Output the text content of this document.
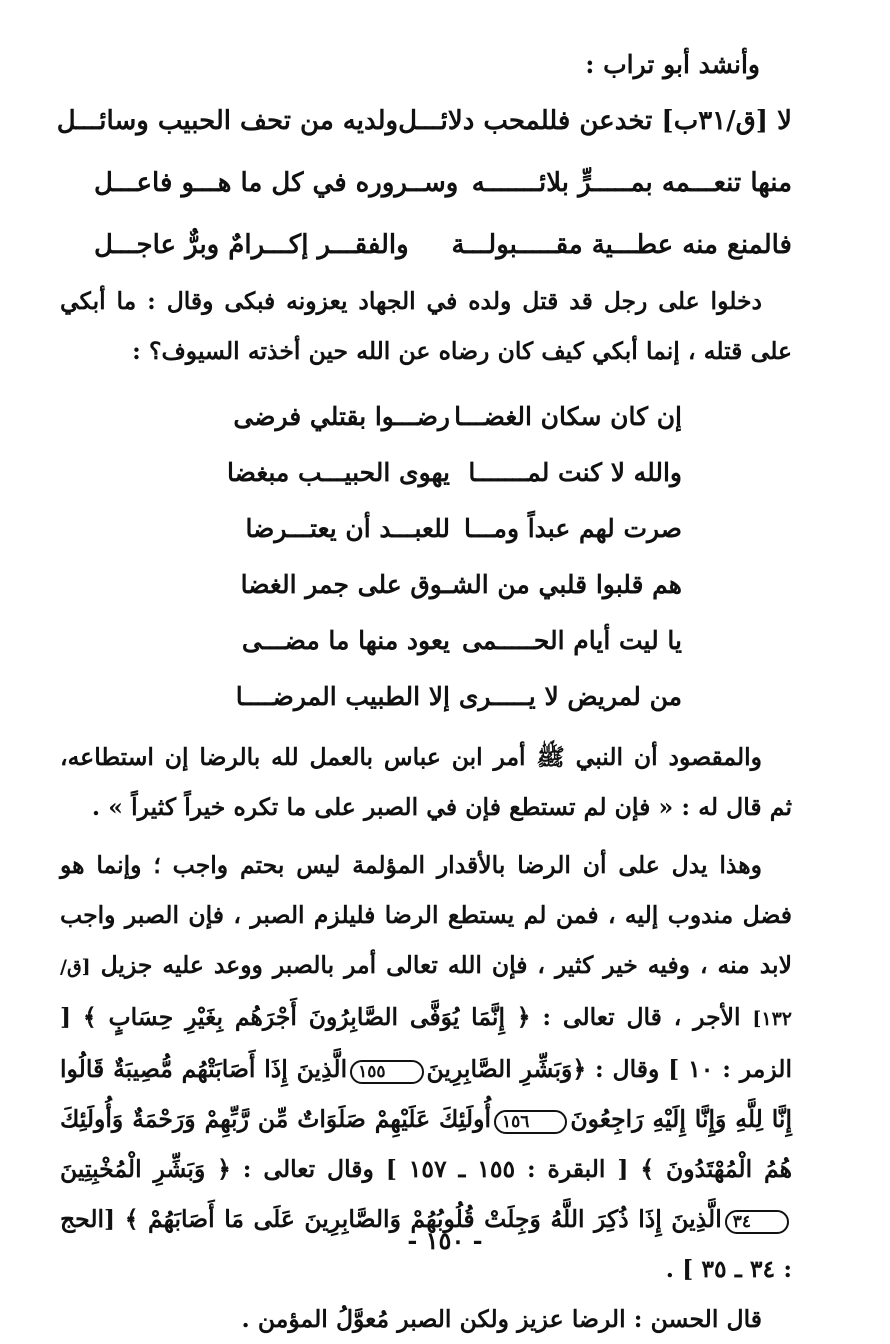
وأنشد أبو تراب :
لا [ق/٣١ب] تخدعن فللمحب دلائـــل
ولديه من تحف الحبيب وسائـــل
منها تنعـــمه بمـــــرٍّ بلائـــــــه
وســروره في كل ما هـــو فاعـــل
فالمنع منه عطـــية مقـــــبولـــة
والفقـــر إكـــرامٌ وبرٌّ عاجـــل

دخلوا على رجل قد قتل ولده في الجهاد يعزونه فبكى وقال : ما أبكي على قتله ، إنما أبكي كيف كان رضاه عن الله حين أخذته السيوف؟ :

إن كان سكان الغضـــا
رضـــوا بقتلي فرضى
والله لا كنت لمـــــــا
يهوى الحبيـــب مبغضا
صرت لهم عبداً ومـــا
للعبـــد أن يعتـــرضا
هم قلبوا قلبي من الشـ
ـوق على جمر الغضا
يا ليت أيام الحـــــمى
يعود منها ما مضـــى
من لمريض لا يـــــرى
إلا الطبيب المرضــــا

والمقصود أن النبي ﷺ أمر ابن عباس بالعمل لله بالرضا إن استطاعه، ثم قال له : « فإن لم تستطع فإن في الصبر على ما تكره خيراً كثيراً » .

وهذا يدل على أن الرضا بالأقدار المؤلمة ليس بحتم واجب ؛ وإنما هو فضل مندوب إليه ، فمن لم يستطع الرضا فليلزم الصبر ، فإن الصبر واجب لابد منه ، وفيه خير كثير ، فإن الله تعالى أمر بالصبر ووعد عليه جزيل [ق/ ١٣٢] الأجر ، قال تعالى : ﴿ إِنَّمَا يُوَفَّى الصَّابِرُونَ أَجْرَهُم بِغَيْرِ حِسَابٍ ﴾ [ الزمر : ١٠ ] وقال : ﴿وَبَشِّرِ الصَّابِرِينَ١٥٥الَّذِينَ إِذَا أَصَابَتْهُم مُّصِيبَةٌ قَالُوا إِنَّا لِلَّهِ وَإِنَّا إِلَيْهِ رَاجِعُونَ١٥٦أُولَئِكَ عَلَيْهِمْ صَلَوَاتٌ مِّن رَّبِّهِمْ وَرَحْمَةٌ وَأُولَئِكَ هُمُ الْمُهْتَدُونَ ﴾ [ البقرة : ١٥٥ ـ ١٥٧ ] وقال تعالى : ﴿ وَبَشِّرِ الْمُخْبِتِينَ٣٤الَّذِينَ إِذَا ذُكِرَ اللَّهُ وَجِلَتْ قُلُوبُهُمْ وَالصَّابِرِينَ عَلَى مَا أَصَابَهُمْ ﴾ [الحج : ٣٤ ـ ٣٥ ] .

قال الحسن : الرضا عزيز ولكن الصبر مُعوَّلُ المؤمن .

- ١٥٠ -
